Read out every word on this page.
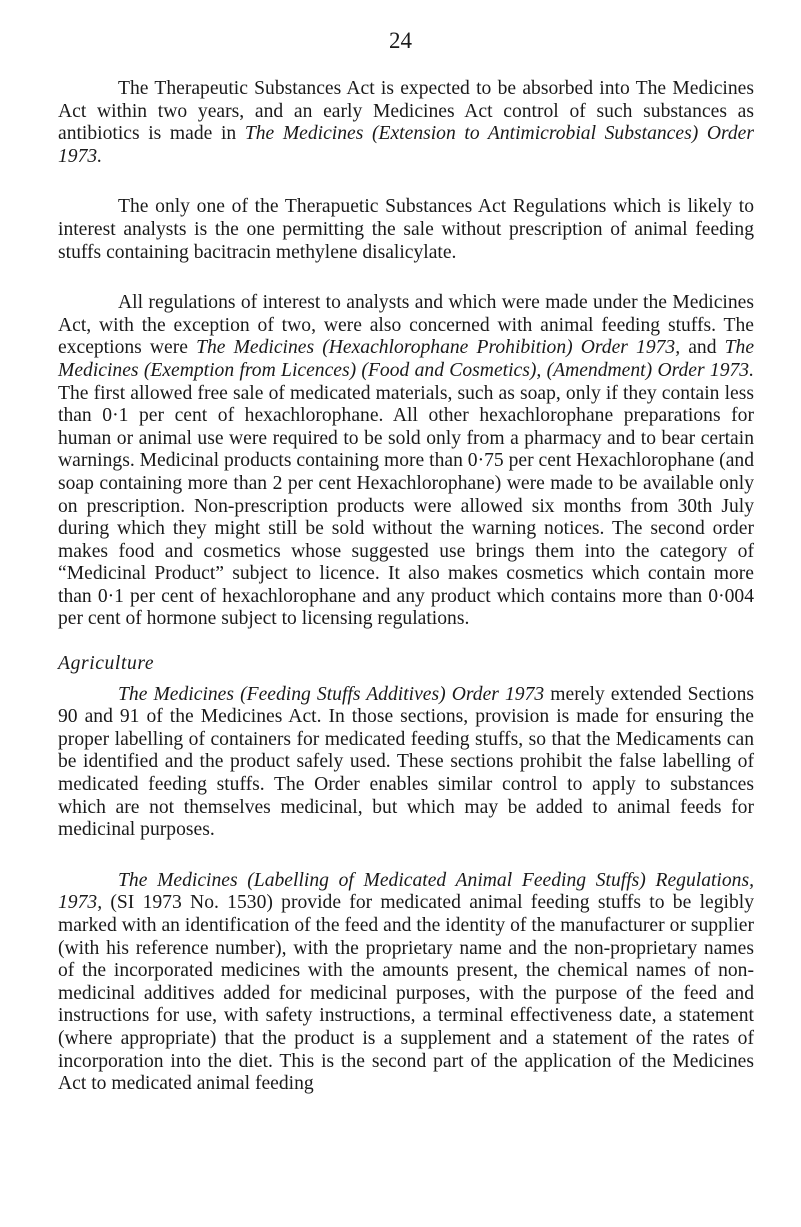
24

The Therapeutic Substances Act is expected to be absorbed into The Medicines Act within two years, and an early Medicines Act control of such substances as antibiotics is made in The Medicines (Extension to Antimicrobial Substances) Order 1973.

The only one of the Therapuetic Substances Act Regulations which is likely to interest analysts is the one permitting the sale without prescription of animal feeding stuffs containing bacitracin methylene disalicylate.

All regulations of interest to analysts and which were made under the Medicines Act, with the exception of two, were also concerned with animal feeding stuffs. The exceptions were The Medicines (Hexachlorophane Prohibition) Order 1973, and The Medicines (Exemption from Licences) (Food and Cosmetics), (Amendment) Order 1973. The first allowed free sale of medicated materials, such as soap, only if they contain less than 0·1 per cent of hexachlorophane. All other hexachlorophane preparations for human or animal use were required to be sold only from a pharmacy and to bear certain warnings. Medicinal products containing more than 0·75 per cent Hexachlorophane (and soap containing more than 2 per cent Hexachlorophane) were made to be available only on prescription. Non-prescription products were allowed six months from 30th July during which they might still be sold without the warning notices. The second order makes food and cosmetics whose suggested use brings them into the category of “Medicinal Product” subject to licence. It also makes cosmetics which contain more than 0·1 per cent of hexachlorophane and any product which contains more than 0·004 per cent of hormone subject to licensing regulations.

Agriculture

The Medicines (Feeding Stuffs Additives) Order 1973 merely extended Sections 90 and 91 of the Medicines Act. In those sections, provision is made for ensuring the proper labelling of containers for medicated feeding stuffs, so that the Medicaments can be identified and the product safely used. These sections prohibit the false labelling of medicated feeding stuffs. The Order enables similar control to apply to substances which are not themselves medicinal, but which may be added to animal feeds for medicinal purposes.

The Medicines (Labelling of Medicated Animal Feeding Stuffs) Regulations, 1973, (SI 1973 No. 1530) provide for medicated animal feeding stuffs to be legibly marked with an identification of the feed and the identity of the manufacturer or supplier (with his reference number), with the proprietary name and the non-proprietary names of the incorporated medicines with the amounts present, the chemical names of non-medicinal additives added for medicinal purposes, with the purpose of the feed and instructions for use, with safety instructions, a terminal effectiveness date, a statement (where appropriate) that the product is a supplement and a statement of the rates of incorporation into the diet. This is the second part of the application of the Medicines Act to medicated animal feeding
